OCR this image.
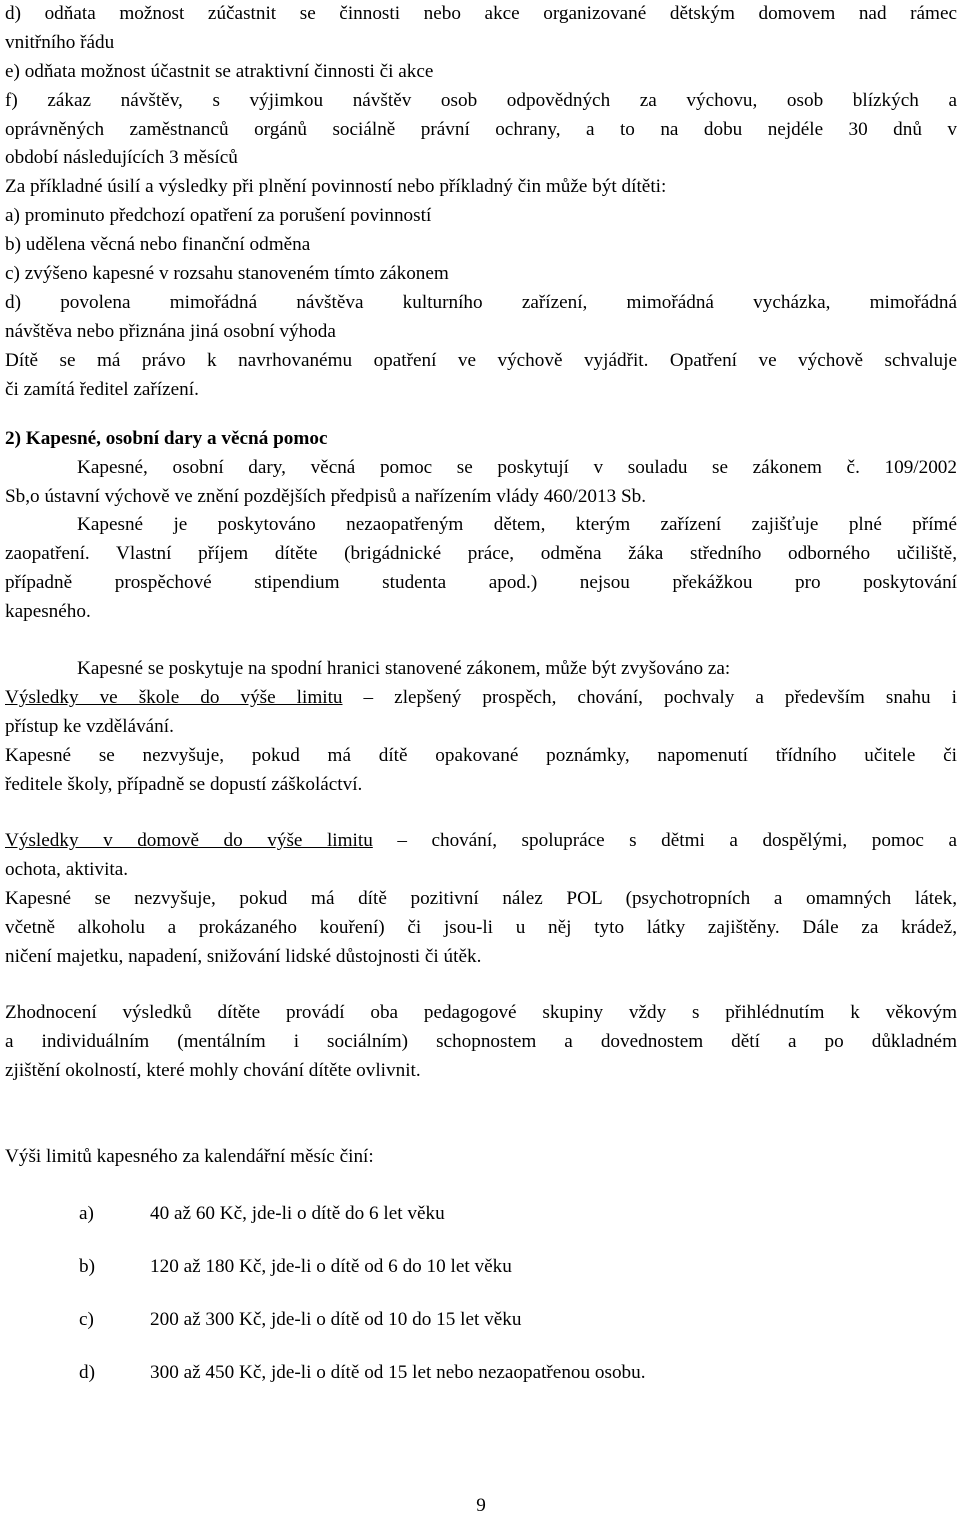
d) odňata možnost zúčastnit se činnosti nebo akce organizované dětským domovem nad rámec
vnitřního řádu
e) odňata možnost účastnit se atraktivní činnosti či akce
f) zákaz návštěv, s výjimkou návštěv osob odpovědných za výchovu, osob blízkých a
oprávněných zaměstnanců orgánů sociálně právní ochrany, a to na dobu nejdéle 30 dnů v
období následujících 3 měsíců
Za příkladné úsilí a výsledky při plnění povinností nebo příkladný čin může být dítěti:
a) prominuto předchozí opatření za porušení povinností
b) udělena věcná nebo finanční odměna
c) zvýšeno kapesné v rozsahu stanoveném tímto zákonem
d) povolena mimořádná návštěva kulturního zařízení, mimořádná vycházka, mimořádná
návštěva nebo přiznána jiná osobní výhoda
Dítě se má právo k navrhovanému opatření ve výchově vyjádřit. Opatření ve výchově schvaluje
či zamítá ředitel zařízení.
2) Kapesné, osobní dary a věcná pomoc
Kapesné, osobní dary, věcná pomoc se poskytují v souladu se zákonem č. 109/2002
Sb,o ústavní výchově ve znění pozdějších předpisů a nařízením vlády 460/2013 Sb.
Kapesné je poskytováno nezaopatřeným dětem, kterým zařízení zajišťuje plné přímé
zaopatření. Vlastní příjem dítěte (brigádnické práce, odměna žáka středního odborného učiliště,
případně prospěchové stipendium studenta apod.) nejsou překážkou pro poskytování
kapesného.
Kapesné se poskytuje na spodní hranici stanovené zákonem, může být zvyšováno za:
Výsledky ve škole do výše limitu – zlepšený prospěch, chování, pochvaly a především snahu i
přístup ke vzdělávání.
Kapesné se nezvyšuje, pokud má dítě opakované poznámky, napomenutí třídního učitele či
ředitele školy, případně se dopustí záškoláctví.
Výsledky v domově do výše limitu – chování, spolupráce s dětmi a dospělými, pomoc a
ochota, aktivita.
Kapesné se nezvyšuje, pokud má dítě pozitivní nález POL (psychotropních a omamných látek,
včetně alkoholu a prokázaného kouření) či jsou-li u něj tyto látky zajištěny. Dále za krádež,
ničení majetku, napadení, snižování lidské důstojnosti či útěk.
Zhodnocení výsledků dítěte provádí oba pedagogové skupiny vždy s přihlédnutím k věkovým
a individuálním (mentálním i sociálním) schopnostem a dovednostem dětí a po důkladném
zjištění okolností, které mohly chování dítěte ovlivnit.
Výši limitů kapesného za kalendářní měsíc činí:
a)	40 až 60 Kč, jde-li o dítě do 6 let věku
b)	120 až 180 Kč, jde-li o dítě od 6 do 10 let věku
c)	200 až 300 Kč, jde-li o dítě od 10 do 15 let věku
d)	300 až 450 Kč, jde-li o dítě od 15 let nebo nezaopatřenou osobu.
9
